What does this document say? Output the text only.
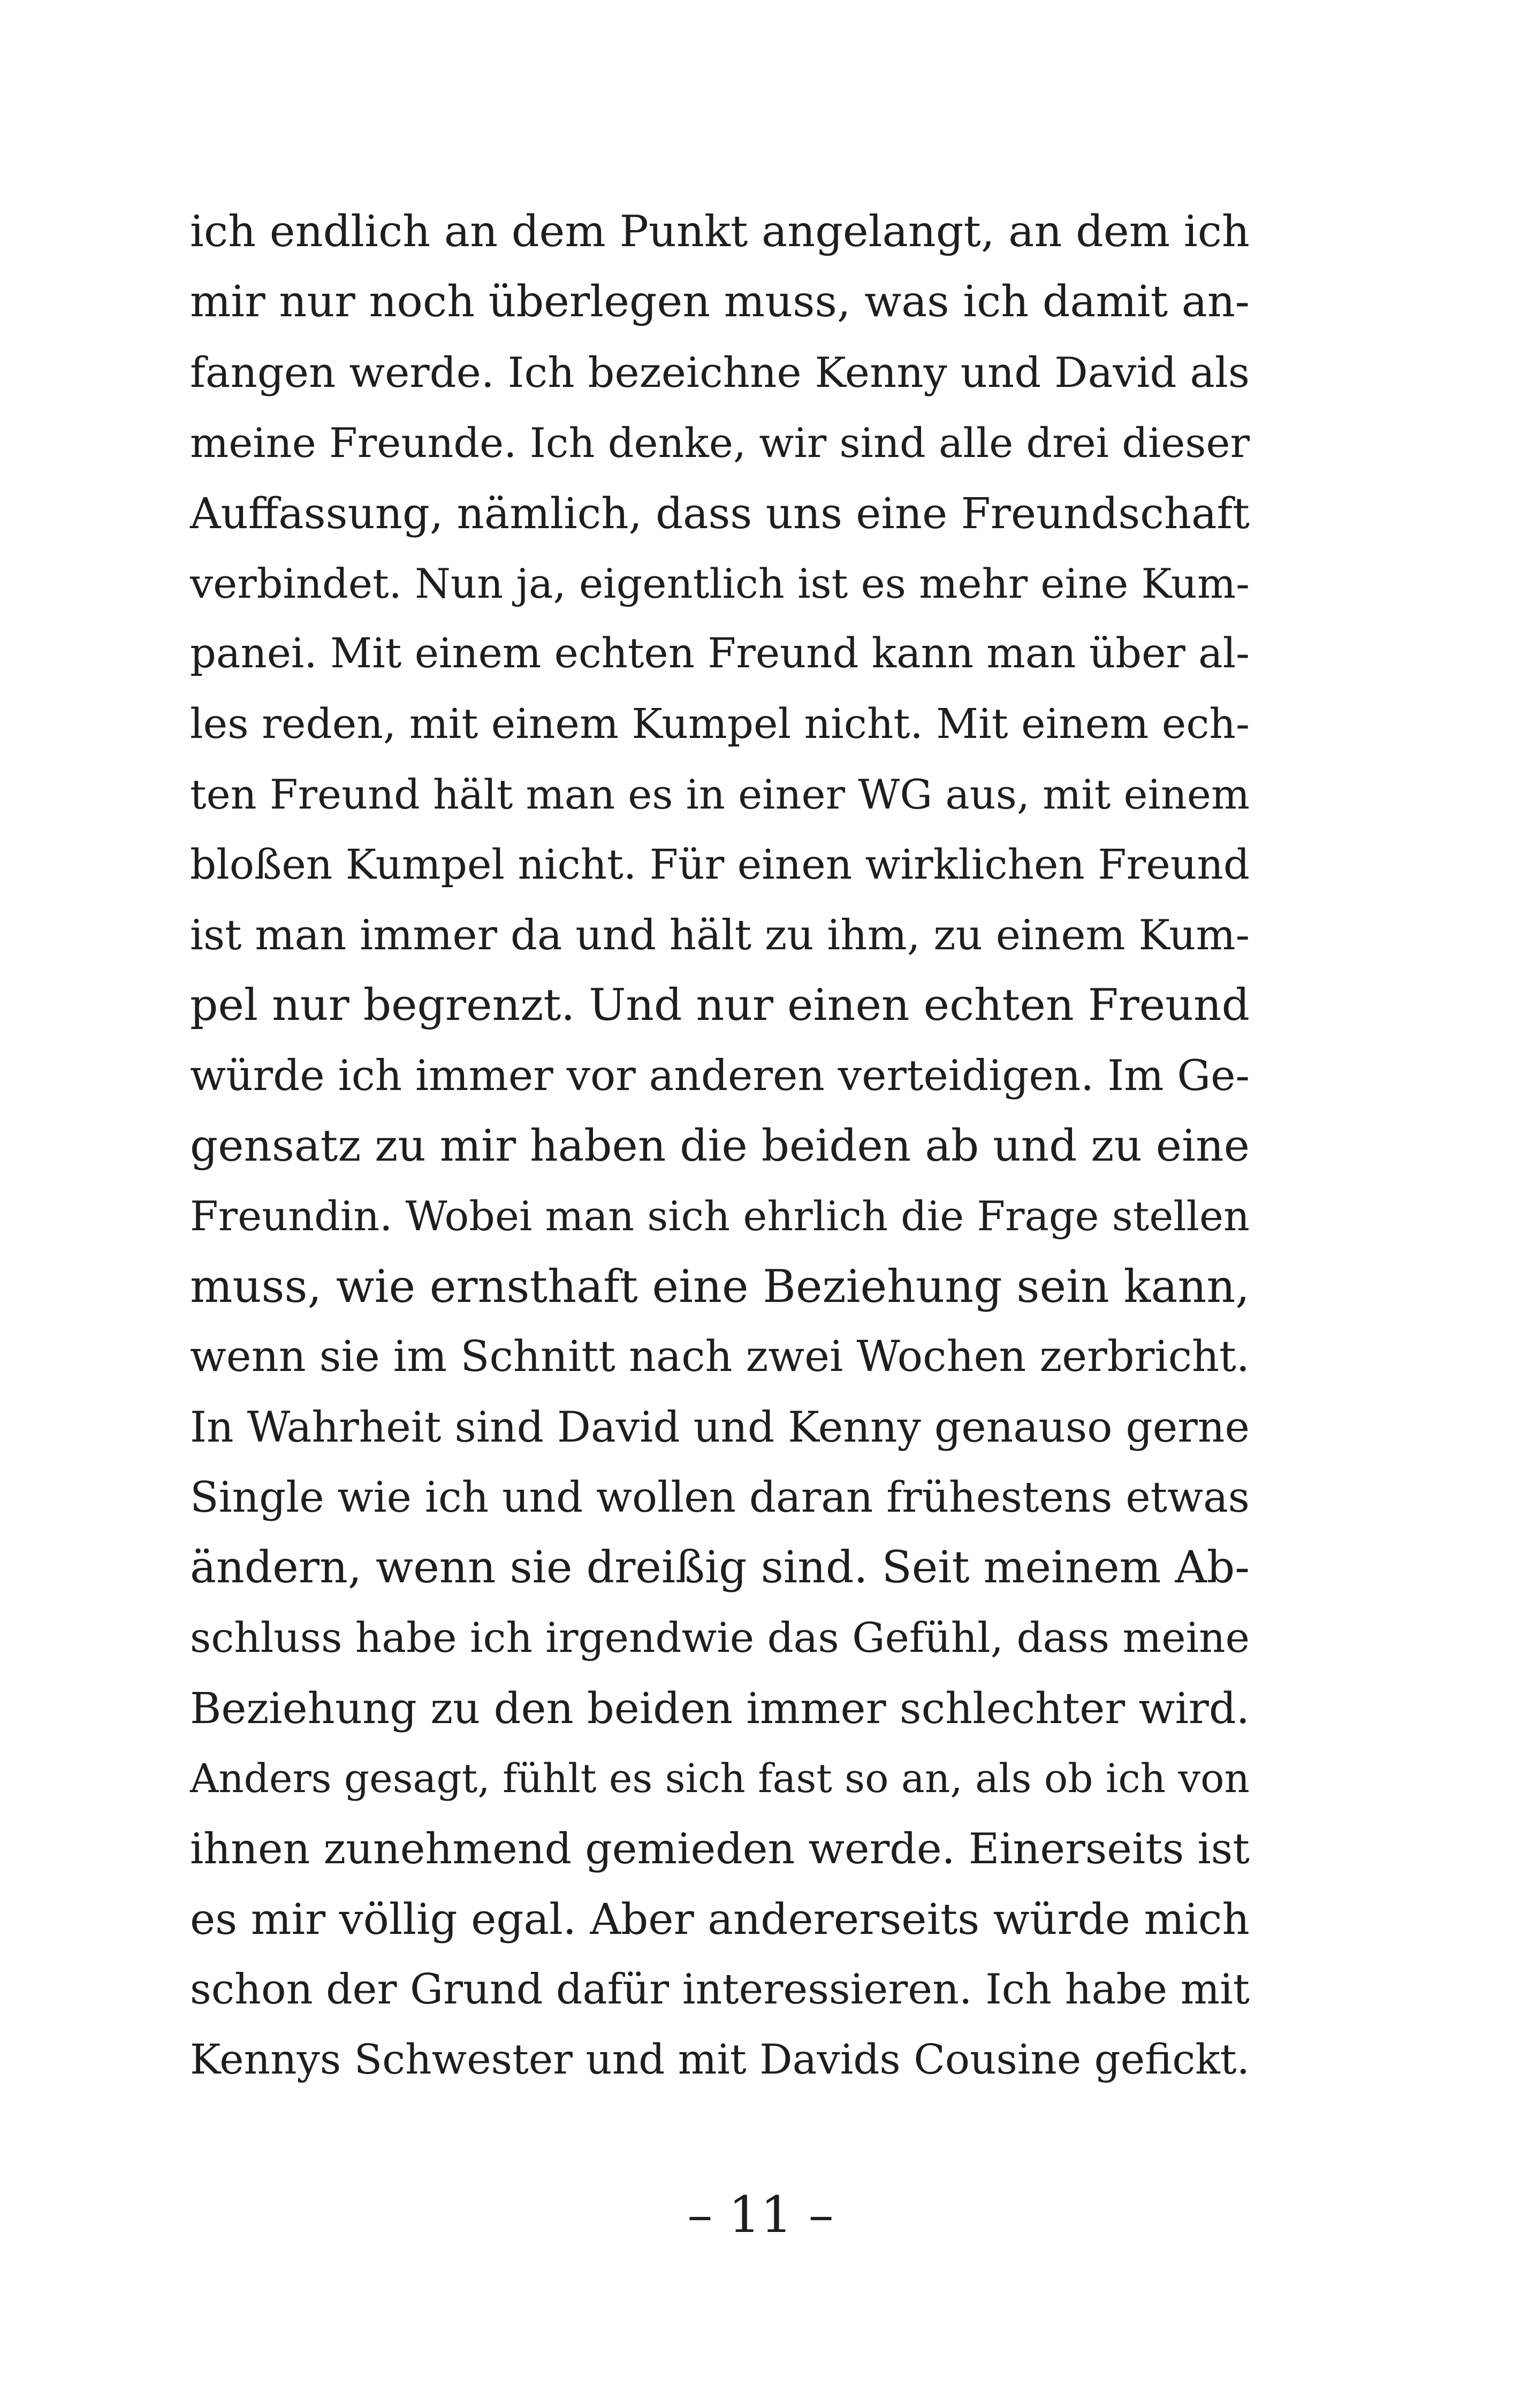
ich endlich an dem Punkt angelangt, an dem ich
mir nur noch überlegen muss, was ich damit an-
fangen werde. Ich bezeichne Kenny und David als
meine Freunde. Ich denke, wir sind alle drei dieser
Auffassung, nämlich, dass uns eine Freundschaft
verbindet. Nun ja, eigentlich ist es mehr eine Kum-
panei. Mit einem echten Freund kann man über al-
les reden, mit einem Kumpel nicht. Mit einem ech-
ten Freund hält man es in einer WG aus, mit einem
bloßen Kumpel nicht. Für einen wirklichen Freund
ist man immer da und hält zu ihm, zu einem Kum-
pel nur begrenzt. Und nur einen echten Freund
würde ich immer vor anderen verteidigen. Im Ge-
gensatz zu mir haben die beiden ab und zu eine
Freundin. Wobei man sich ehrlich die Frage stellen
muss, wie ernsthaft eine Beziehung sein kann,
wenn sie im Schnitt nach zwei Wochen zerbricht.
In Wahrheit sind David und Kenny genauso gerne
Single wie ich und wollen daran frühestens etwas
ändern, wenn sie dreißig sind. Seit meinem Ab-
schluss habe ich irgendwie das Gefühl, dass meine
Beziehung zu den beiden immer schlechter wird.
Anders gesagt, fühlt es sich fast so an, als ob ich von
ihnen zunehmend gemieden werde. Einerseits ist
es mir völlig egal. Aber andererseits würde mich
schon der Grund dafür interessieren. Ich habe mit
Kennys Schwester und mit Davids Cousine gefickt.
– 11 –
